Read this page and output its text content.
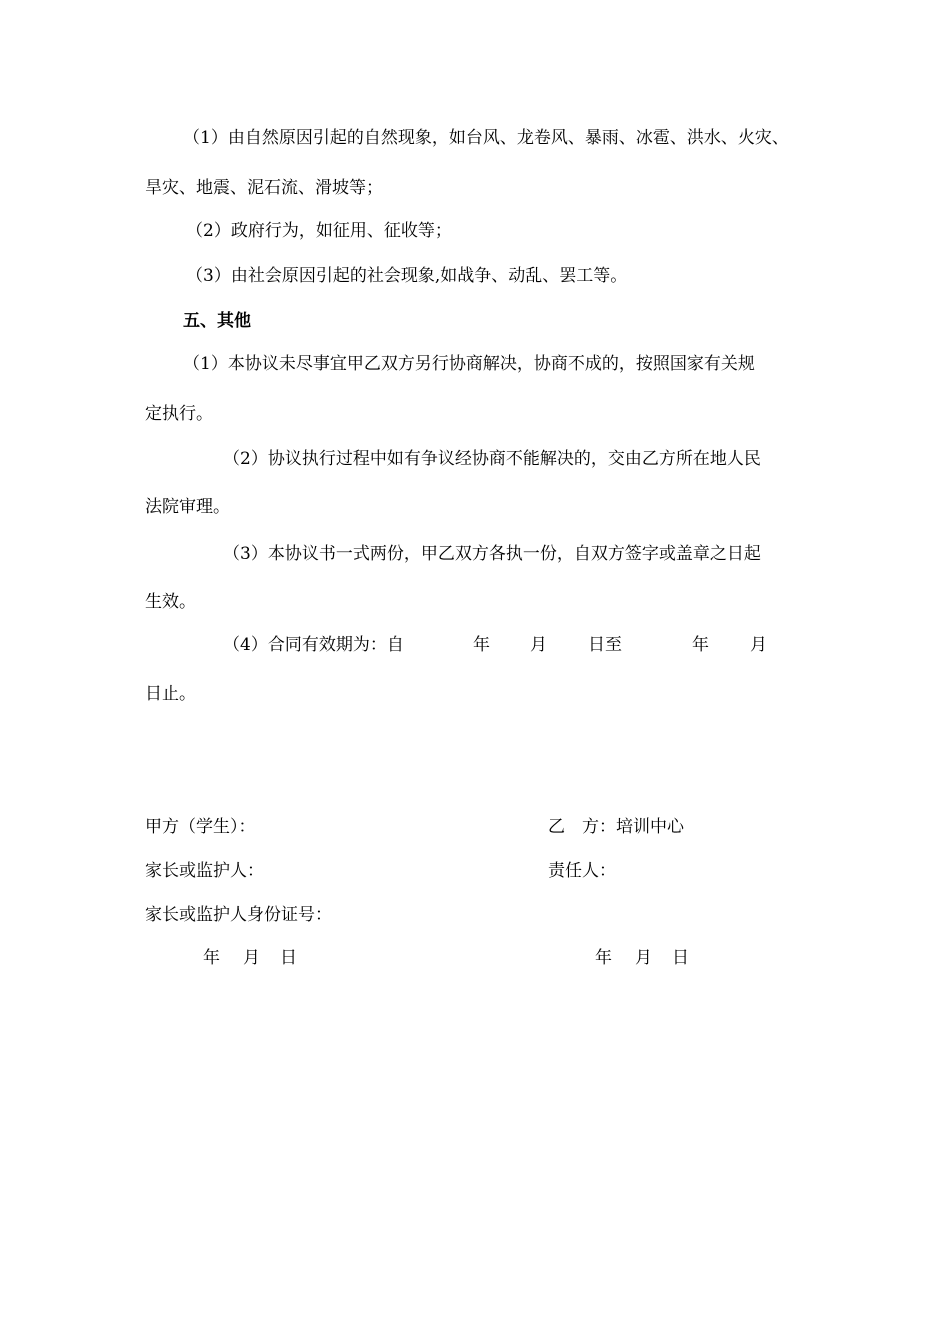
（1）由自然原因引起的自然现象，如台风、龙卷风、暴雨、冰雹、洪水、火灾、
旱灾、地震、泥石流、滑坡等；
（2）政府行为，如征用、征收等；
（3）由社会原因引起的社会现象,如战争、动乱、罢工等。
五、其他
（1）本协议未尽事宜甲乙双方另行协商解决，协商不成的，按照国家有关规
定执行。
（2）协议执行过程中如有争议经协商不能解决的，交由乙方所在地人民
法院审理。
（3）本协议书一式两份，甲乙双方各执一份，自双方签字或盖章之日起
生效。
（4）合同有效期为：自	年 月 日至	年 月
日止。
甲方（学生）：	乙　方：培训中心
家长或监护人：	责任人：
家长或监护人身份证号：
年 月 日	年 月 日
